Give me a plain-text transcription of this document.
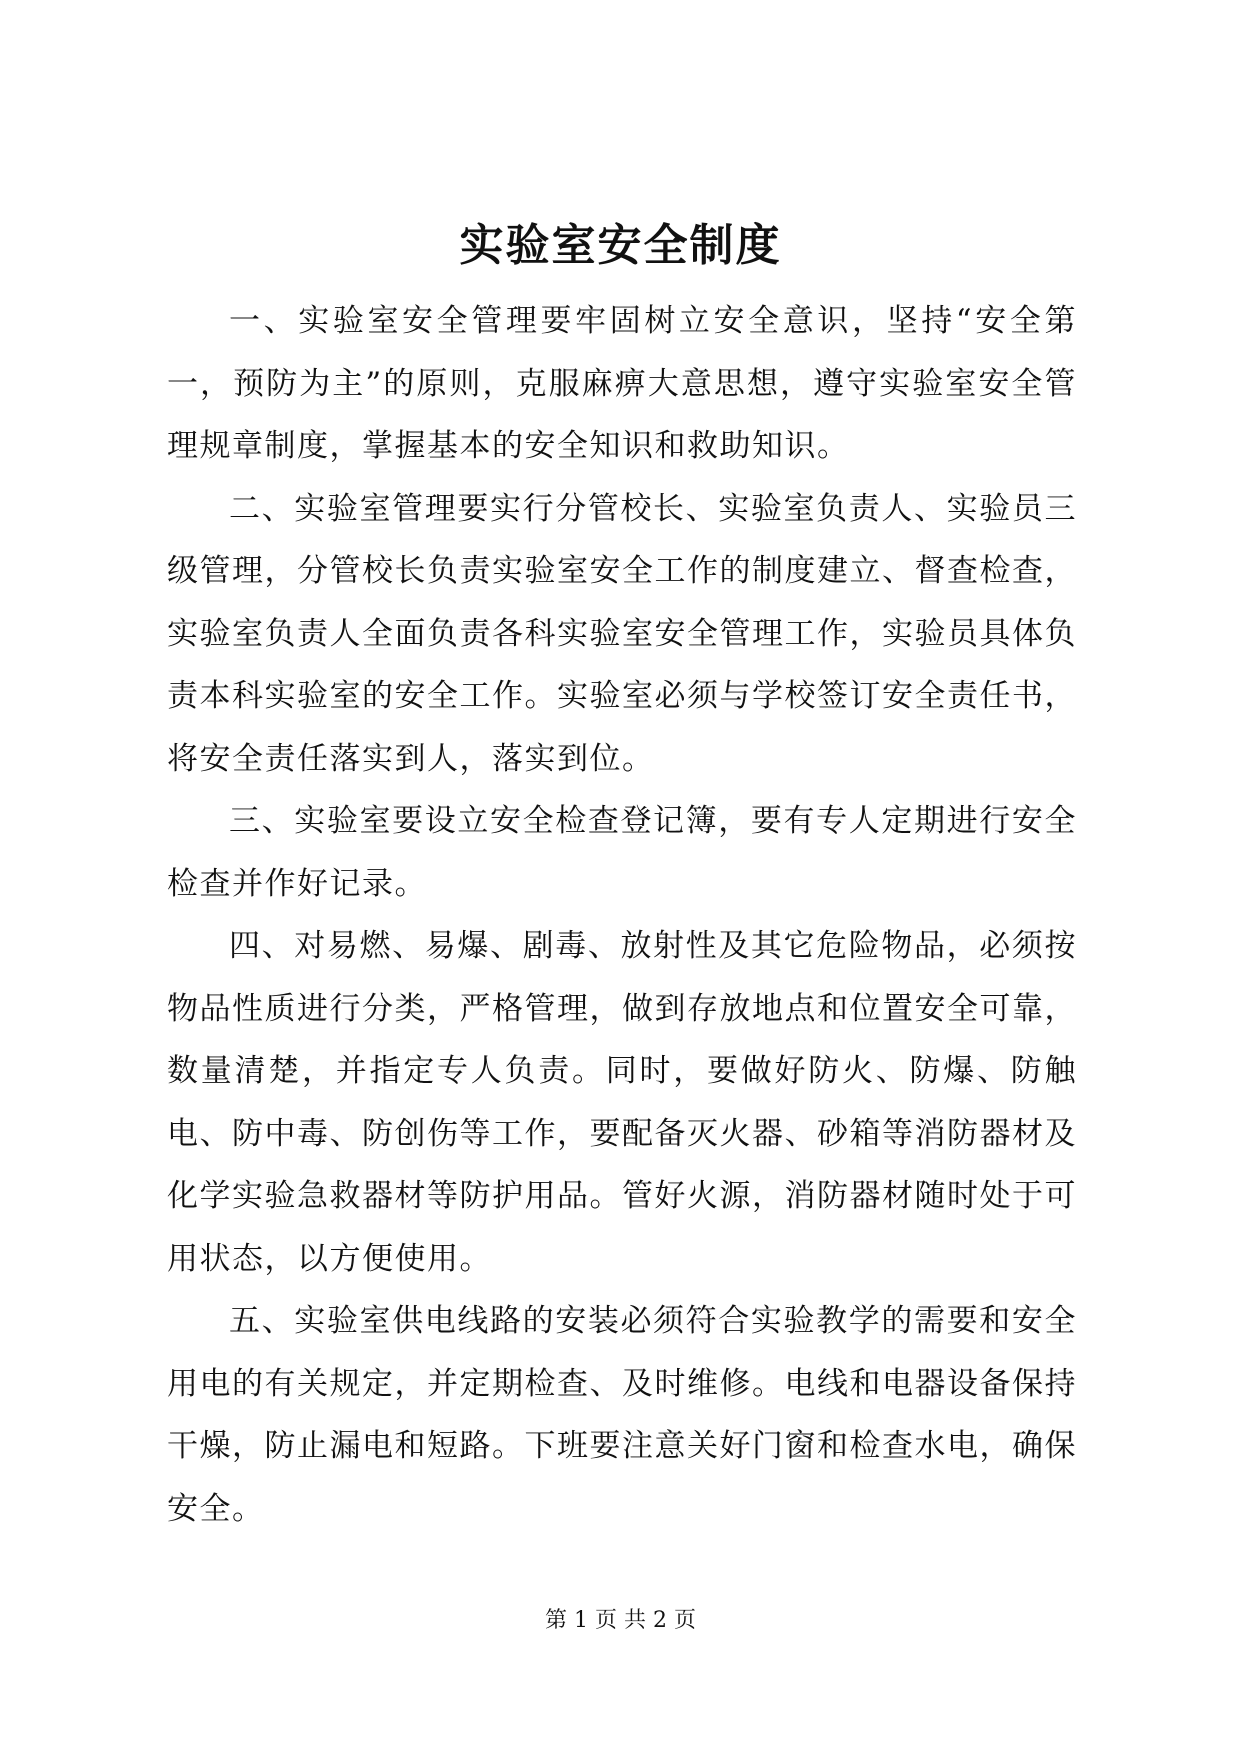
实验室安全制度

一、实验室安全管理要牢固树立安全意识，坚持“安全第一，预防为主”的原则，克服麻痹大意思想，遵守实验室安全管理规章制度，掌握基本的安全知识和救助知识。

二、实验室管理要实行分管校长、实验室负责人、实验员三级管理，分管校长负责实验室安全工作的制度建立、督查检查，实验室负责人全面负责各科实验室安全管理工作，实验员具体负责本科实验室的安全工作。实验室必须与学校签订安全责任书，将安全责任落实到人，落实到位。

三、实验室要设立安全检查登记簿，要有专人定期进行安全检查并作好记录。

四、对易燃、易爆、剧毒、放射性及其它危险物品，必须按物品性质进行分类，严格管理，做到存放地点和位置安全可靠，数量清楚，并指定专人负责。同时，要做好防火、防爆、防触电、防中毒、防创伤等工作，要配备灭火器、砂箱等消防器材及化学实验急救器材等防护用品。管好火源，消防器材随时处于可用状态，以方便使用。

五、实验室供电线路的安装必须符合实验教学的需要和安全用电的有关规定，并定期检查、及时维修。电线和电器设备保持干燥，防止漏电和短路。下班要注意关好门窗和检查水电，确保安全。

第 1 页 共 2 页
